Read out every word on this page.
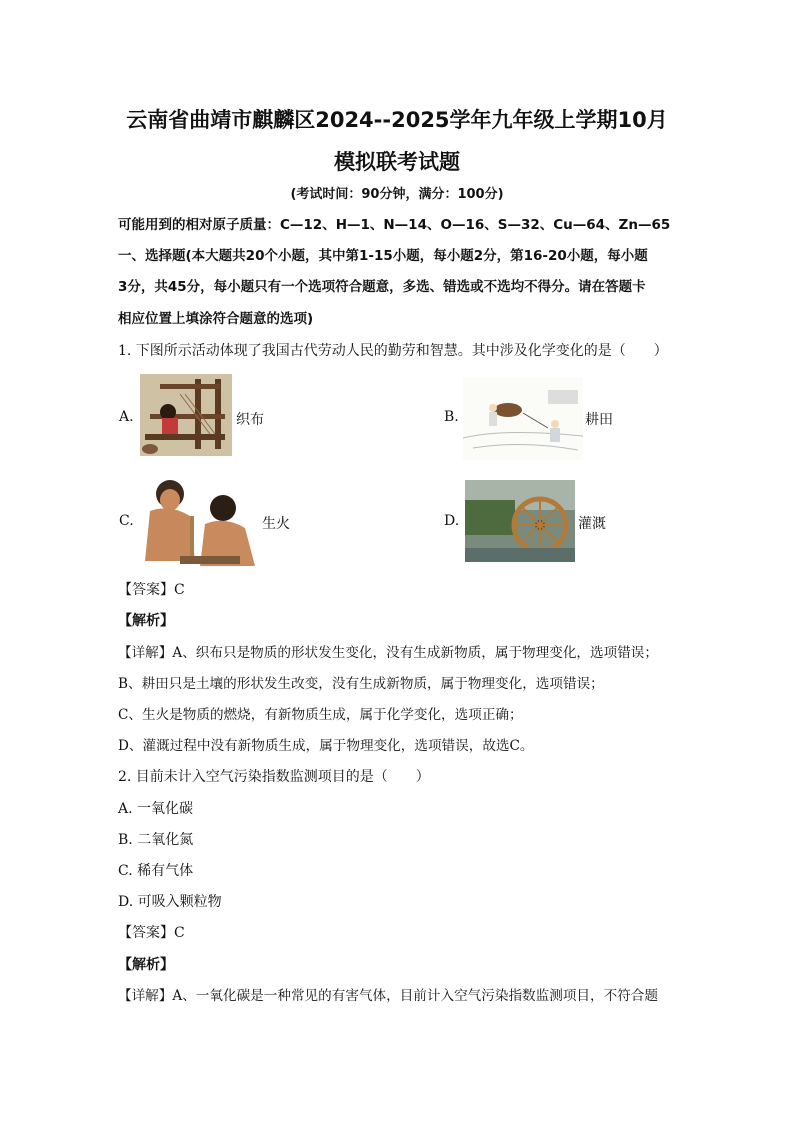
云南省曲靖市麒麟区2024--2025学年九年级上学期10月
模拟联考试题
(考试时间：90分钟，满分：100分)
可能用到的相对原子质量：C—12、H—1、N—14、O—16、S—32、Cu—64、Zn—65
一、选择题(本大题共20个小题，其中第1-15小题，每小题2分，第16-20小题，每小题
3分，共45分，每小题只有一个选项符合题意，多选、错选或不选均不得分。请在答题卡
相应位置上填涂符合题意的选项)
1. 下图所示活动体现了我国古代劳动人民的勤劳和智慧。其中涉及化学变化的是（　　）
A.	织布	B.	耕田
C.	生火	D.	灌溉
【答案】C
【解析】
【详解】A、织布只是物质的形状发生变化，没有生成新物质，属于物理变化，选项错误；
B、耕田只是土壤的形状发生改变，没有生成新物质，属于物理变化，选项错误；
C、生火是物质的燃烧，有新物质生成，属于化学变化，选项正确；
D、灌溉过程中没有新物质生成，属于物理变化，选项错误，故选C。
2. 目前未计入空气污染指数监测项目的是（　　）
A. 一氧化碳
B. 二氧化氮
C. 稀有气体
D. 可吸入颗粒物
【答案】C
【解析】
【详解】A、一氧化碳是一种常见的有害气体，目前计入空气污染指数监测项目，不符合题
